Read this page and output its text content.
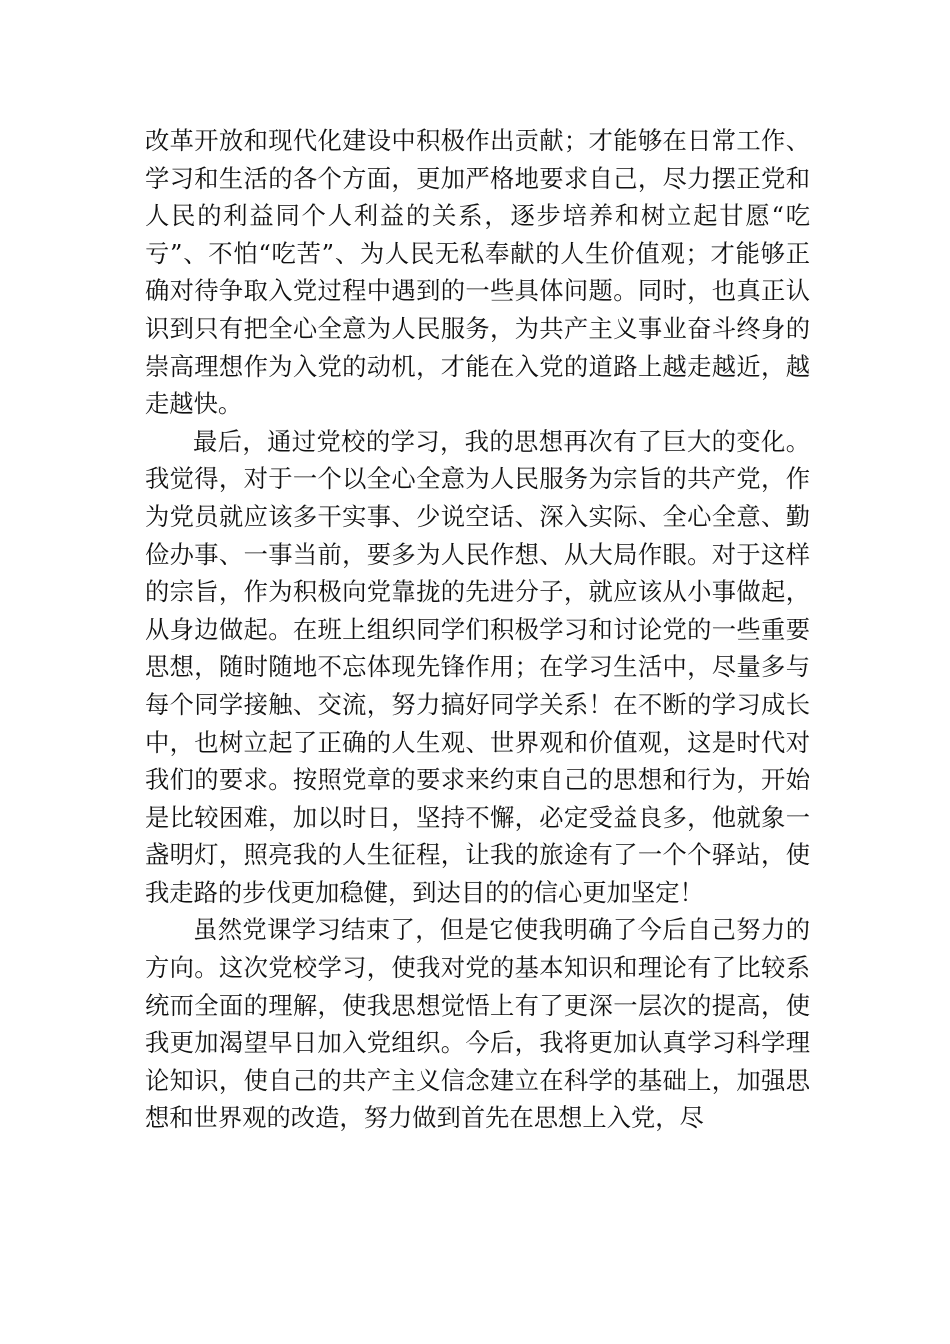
改革开放和现代化建设中积极作出贡献；才能够在日常工作、学习和生活的各个方面，更加严格地要求自己，尽力摆正党和人民的利益同个人利益的关系，逐步培养和树立起甘愿“吃亏”、不怕“吃苦”、为人民无私奉献的人生价值观；才能够正确对待争取入党过程中遇到的一些具体问题。同时，也真正认识到只有把全心全意为人民服务，为共产主义事业奋斗终身的崇高理想作为入党的动机，才能在入党的道路上越走越近，越走越快。

最后，通过党校的学习，我的思想再次有了巨大的变化。我觉得，对于一个以全心全意为人民服务为宗旨的共产党，作为党员就应该多干实事、少说空话、深入实际、全心全意、勤俭办事、一事当前，要多为人民作想、从大局作眼。对于这样的宗旨，作为积极向党靠拢的先进分子，就应该从小事做起，从身边做起。在班上组织同学们积极学习和讨论党的一些重要思想，随时随地不忘体现先锋作用；在学习生活中，尽量多与每个同学接触、交流，努力搞好同学关系！在不断的学习成长中，也树立起了正确的人生观、世界观和价值观，这是时代对我们的要求。按照党章的要求来约束自己的思想和行为，开始是比较困难，加以时日，坚持不懈，必定受益良多，他就象一盏明灯，照亮我的人生征程，让我的旅途有了一个个驿站，使我走路的步伐更加稳健，到达目的的信心更加坚定！

虽然党课学习结束了，但是它使我明确了今后自己努力的方向。这次党校学习，使我对党的基本知识和理论有了比较系统而全面的理解，使我思想觉悟上有了更深一层次的提高，使我更加渴望早日加入党组织。今后，我将更加认真学习科学理论知识，使自己的共产主义信念建立在科学的基础上，加强思想和世界观的改造，努力做到首先在思想上入党，尽
